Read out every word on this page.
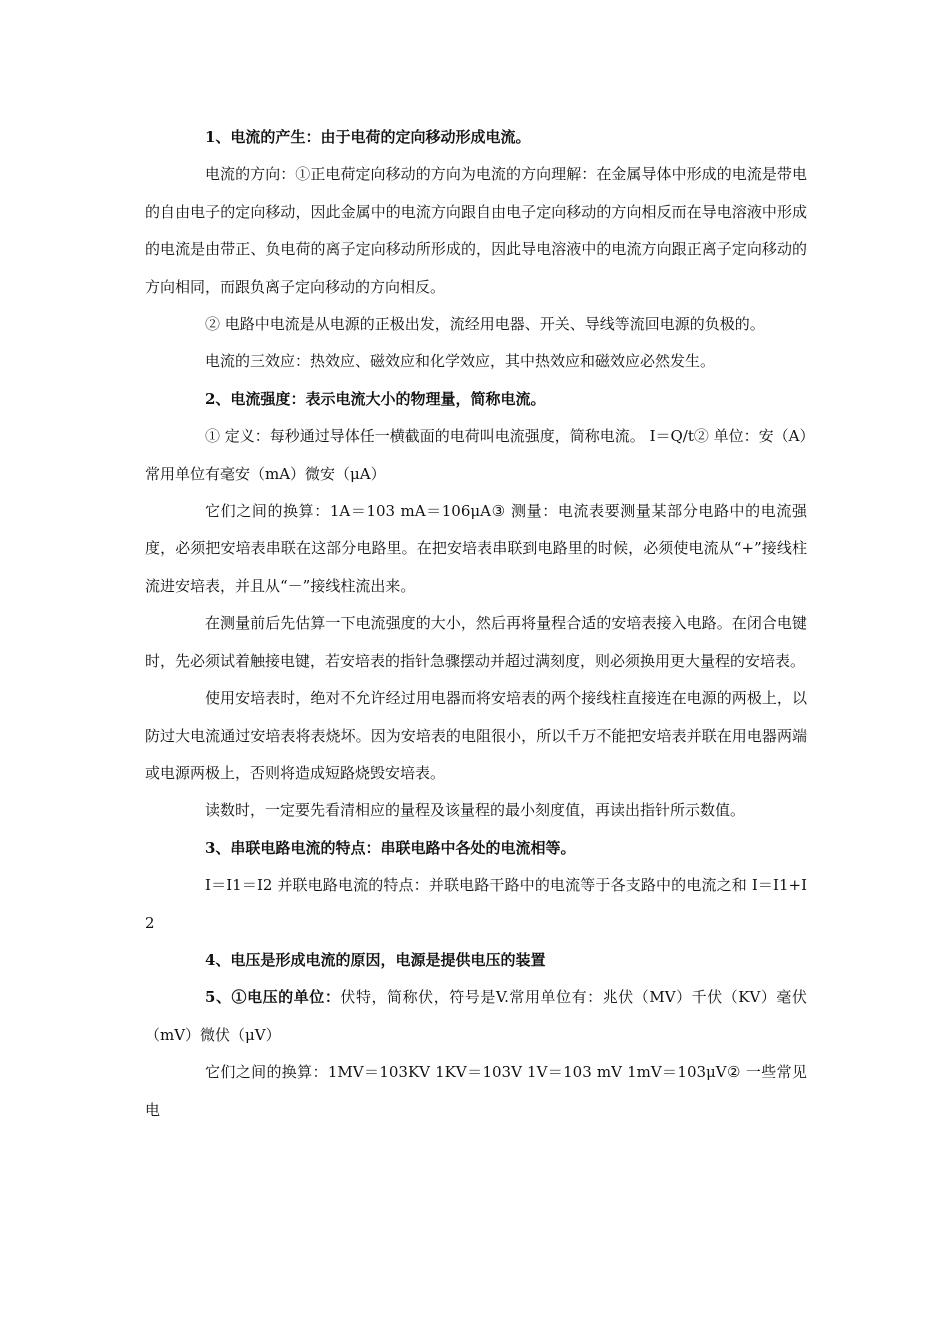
1、电流的产生：由于电荷的定向移动形成电流。

电流的方向：①正电荷定向移动的方向为电流的方向理解：在金属导体中形成的电流是带电的自由电子的定向移动，因此金属中的电流方向跟自由电子定向移动的方向相反而在导电溶液中形成的电流是由带正、负电荷的离子定向移动所形成的，因此导电溶液中的电流方向跟正离子定向移动的方向相同，而跟负离子定向移动的方向相反。

② 电路中电流是从电源的正极出发，流经用电器、开关、导线等流回电源的负极的。

电流的三效应：热效应、磁效应和化学效应，其中热效应和磁效应必然发生。

2、电流强度：表示电流大小的物理量，简称电流。

① 定义：每秒通过导体任一横截面的电荷叫电流强度，简称电流。 I＝Q/t② 单位：安（A）常用单位有毫安（mA）微安（μA）

它们之间的换算：1A＝103 mA＝106μA③ 测量：电流表要测量某部分电路中的电流强度，必须把安培表串联在这部分电路里。在把安培表串联到电路里的时候，必须使电流从“+”接线柱流进安培表，并且从“－”接线柱流出来。

在测量前后先估算一下电流强度的大小，然后再将量程合适的安培表接入电路。在闭合电键时，先必须试着触接电键，若安培表的指针急骤摆动并超过满刻度，则必须换用更大量程的安培表。

使用安培表时，绝对不允许经过用电器而将安培表的两个接线柱直接连在电源的两极上，以防过大电流通过安培表将表烧坏。因为安培表的电阻很小，所以千万不能把安培表并联在用电器两端或电源两极上，否则将造成短路烧毁安培表。

读数时，一定要先看清相应的量程及该量程的最小刻度值，再读出指针所示数值。

3、串联电路电流的特点：串联电路中各处的电流相等。

I＝I1＝I2 并联电路电流的特点：并联电路干路中的电流等于各支路中的电流之和 I＝I1+I2

4、电压是形成电流的原因，电源是提供电压的装置

5、①电压的单位：伏特，简称伏，符号是V.常用单位有：兆伏（MV）千伏（KV）毫伏（mV）微伏（μV）

它们之间的换算：1MV＝103KV 1KV＝103V 1V＝103 mV 1mV＝103μV② 一些常见电
